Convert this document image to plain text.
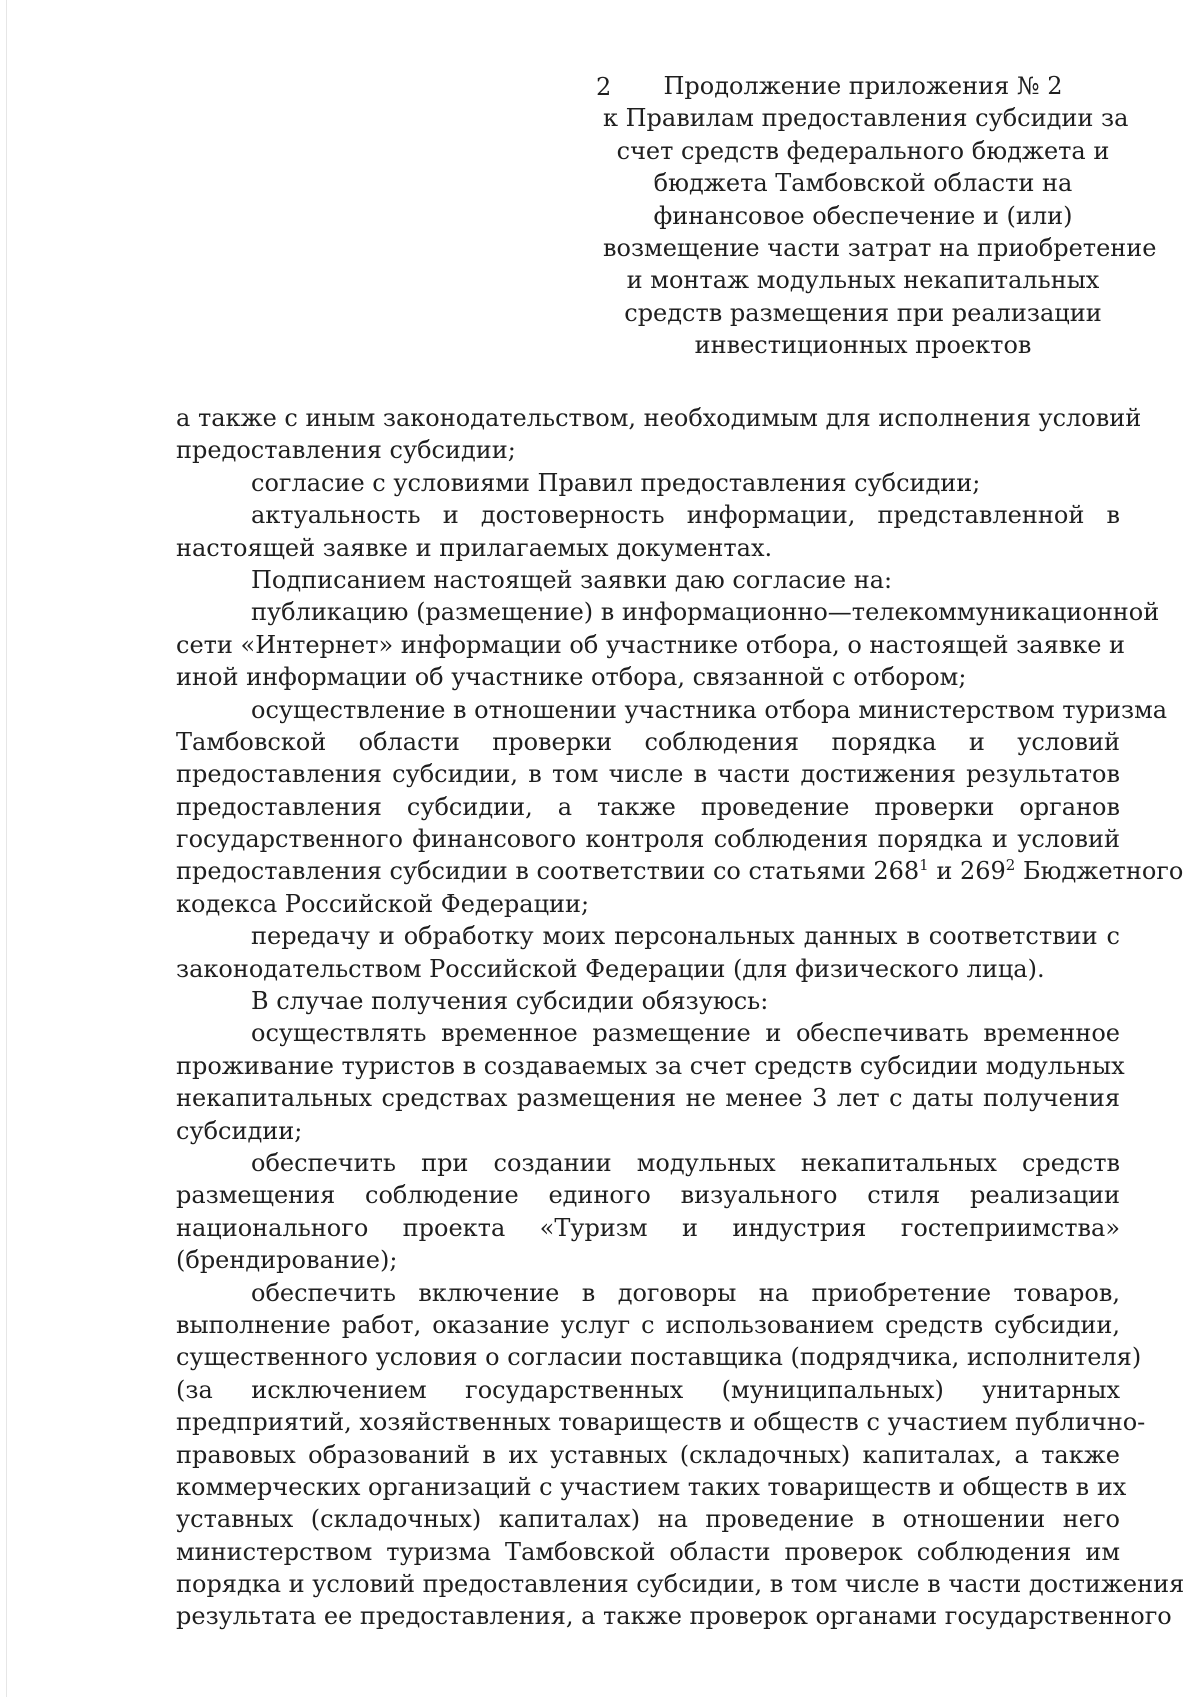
2	Продолжение приложения № 2
к Правилам предоставления субсидии за
счет средств федерального бюджета и
бюджета Тамбовской области на
финансовое обеспечение и (или)
возмещение части затрат на приобретение
и монтаж модульных некапитальных
средств размещения при реализации
инвестиционных проектов
а также с иным законодательством, необходимым для исполнения условий
предоставления субсидии;
согласие с условиями Правил предоставления субсидии;
актуальность и достоверность информации, представленной в
настоящей заявке и прилагаемых документах.
Подписанием настоящей заявки даю согласие на:
публикацию (размещение) в информационно—телекоммуникационной
сети «Интернет» информации об участнике отбора, о настоящей заявке и
иной информации об участнике отбора, связанной с отбором;
осуществление в отношении участника отбора министерством туризма
Тамбовской области проверки соблюдения порядка и условий
предоставления субсидии, в том числе в части достижения результатов
предоставления субсидии, а также проведение проверки органов
государственного финансового контроля соблюдения порядка и условий
предоставления субсидии в соответствии со статьями $268^1$ и $269^2$ Бюджетного
кодекса Российской Федерации;
передачу и обработку моих персональных данных в соответствии с
законодательством Российской Федерации (для физического лица).
В случае получения субсидии обязуюсь:
осуществлять временное размещение и обеспечивать временное
проживание туристов в создаваемых за счет средств субсидии модульных
некапитальных средствах размещения не менее 3 лет с даты получения
субсидии;
обеспечить при создании модульных некапитальных средств
размещения соблюдение единого визуального стиля реализации
национального проекта «Туризм и индустрия гостеприимства»
(брендирование);
обеспечить включение в договоры на приобретение товаров,
выполнение работ, оказание услуг с использованием средств субсидии,
существенного условия о согласии поставщика (подрядчика, исполнителя)
(за исключением государственных (муниципальных) унитарных
предприятий, хозяйственных товариществ и обществ с участием публично-
правовых образований в их уставных (складочных) капиталах, а также
коммерческих организаций с участием таких товариществ и обществ в их
уставных (складочных) капиталах) на проведение в отношении него
министерством туризма Тамбовской области проверок соблюдения им
порядка и условий предоставления субсидии, в том числе в части достижения
результата ее предоставления, а также проверок органами государственного
